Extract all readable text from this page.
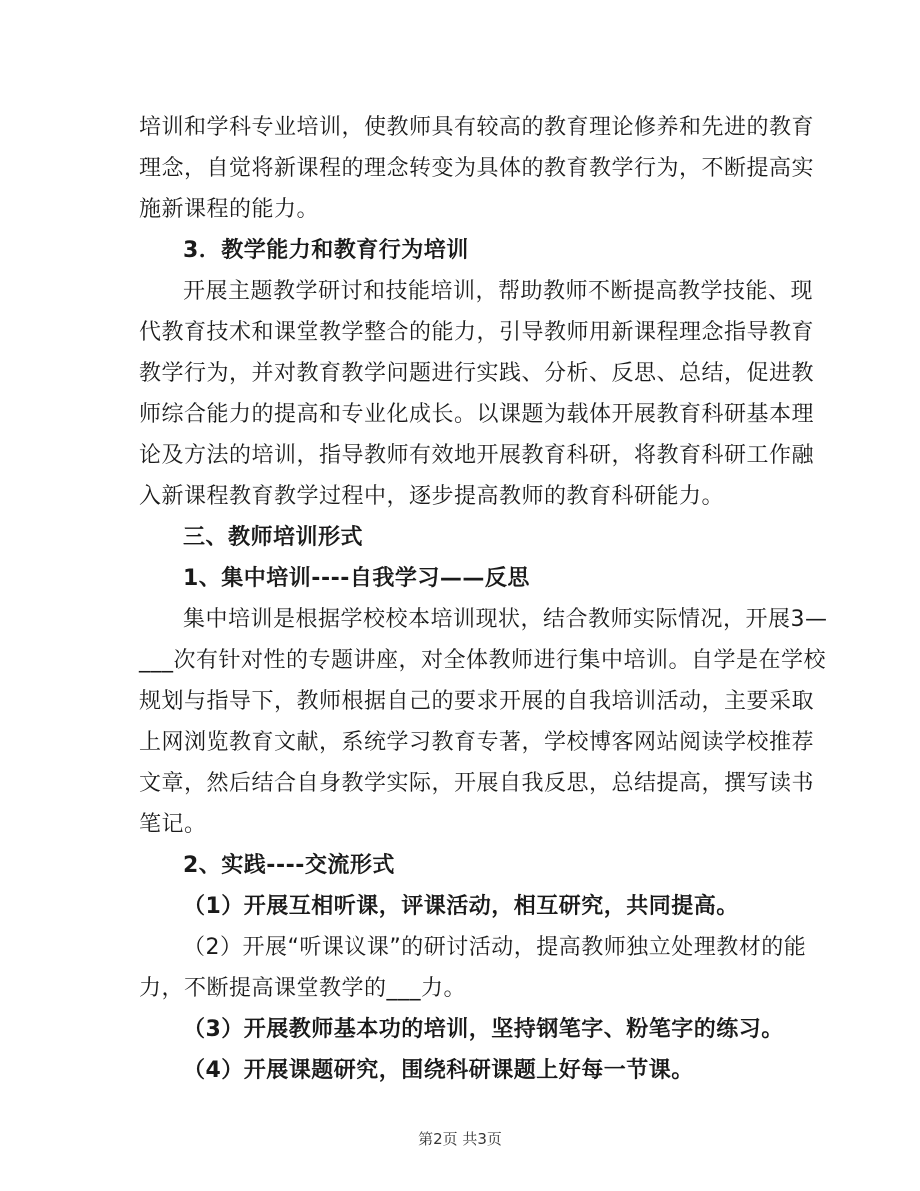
培训和学科专业培训，使教师具有较高的教育理论修养和先进的教育
理念，自觉将新课程的理念转变为具体的教育教学行为，不断提高实
施新课程的能力。
3．教学能力和教育行为培训
开展主题教学研讨和技能培训，帮助教师不断提高教学技能、现
代教育技术和课堂教学整合的能力，引导教师用新课程理念指导教育
教学行为，并对教育教学问题进行实践、分析、反思、总结，促进教
师综合能力的提高和专业化成长。以课题为载体开展教育科研基本理
论及方法的培训，指导教师有效地开展教育科研，将教育科研工作融
入新课程教育教学过程中，逐步提高教师的教育科研能力。
三、教师培训形式
1、集中培训----自我学习——反思
集中培训是根据学校校本培训现状，结合教师实际情况，开展3—
___次有针对性的专题讲座，对全体教师进行集中培训。自学是在学校
规划与指导下，教师根据自己的要求开展的自我培训活动，主要采取
上网浏览教育文献，系统学习教育专著，学校博客网站阅读学校推荐
文章，然后结合自身教学实际，开展自我反思，总结提高，撰写读书
笔记。
2、实践----交流形式
（1）开展互相听课，评课活动，相互研究，共同提高。
（2）开展“听课议课”的研讨活动，提高教师独立处理教材的能
力，不断提高课堂教学的___力。
（3）开展教师基本功的培训，坚持钢笔字、粉笔字的练习。
（4）开展课题研究，围绕科研课题上好每一节课。
第2页 共3页
